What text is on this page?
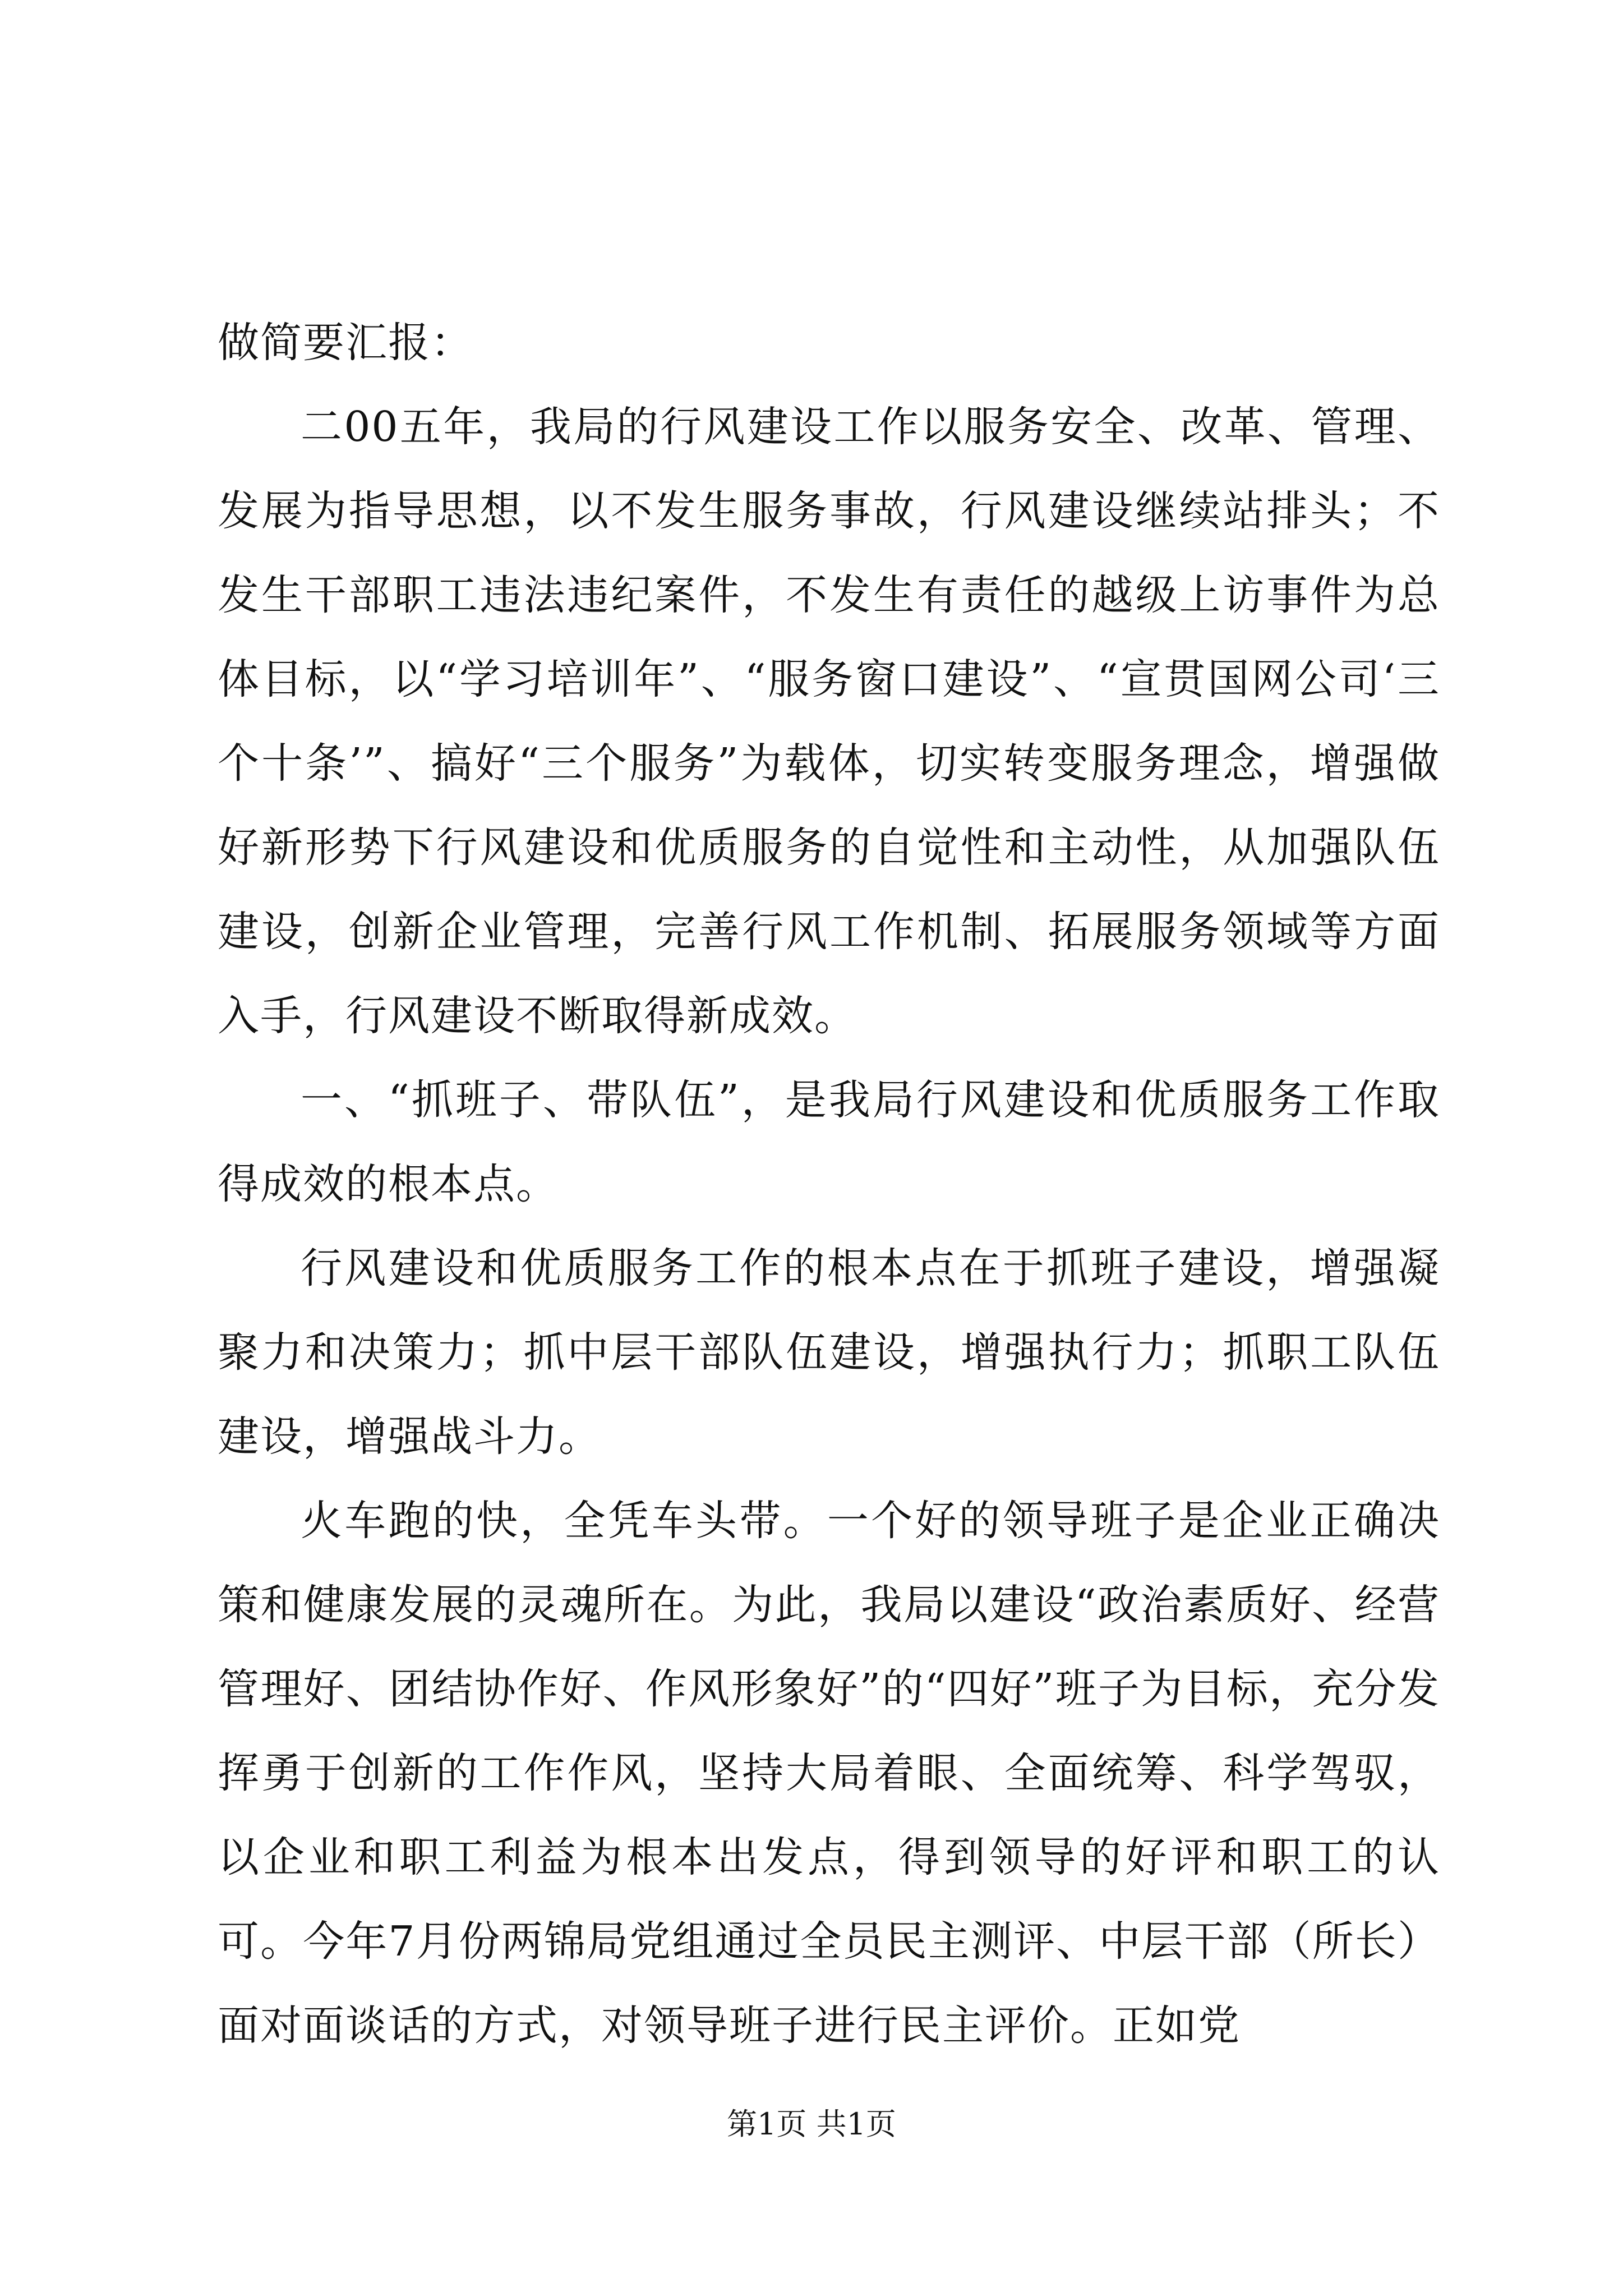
做简要汇报：

二00五年，我局的行风建设工作以服务安全、改革、管理、发展为指导思想，以不发生服务事故，行风建设继续站排头；不发生干部职工违法违纪案件，不发生有责任的越级上访事件为总体目标，以“学习培训年”、“服务窗口建设”、“宣贯国网公司‘三个十条’”、搞好“三个服务”为载体，切实转变服务理念，增强做好新形势下行风建设和优质服务的自觉性和主动性，从加强队伍建设，创新企业管理，完善行风工作机制、拓展服务领域等方面入手，行风建设不断取得新成效。

一、“抓班子、带队伍”，是我局行风建设和优质服务工作取得成效的根本点。

行风建设和优质服务工作的根本点在于抓班子建设，增强凝聚力和决策力；抓中层干部队伍建设，增强执行力；抓职工队伍建设，增强战斗力。

火车跑的快，全凭车头带。一个好的领导班子是企业正确决策和健康发展的灵魂所在。为此，我局以建设“政治素质好、经营管理好、团结协作好、作风形象好”的“四好”班子为目标，充分发挥勇于创新的工作作风，坚持大局着眼、全面统筹、科学驾驭，以企业和职工利益为根本出发点，得到领导的好评和职工的认可。今年7月份两锦局党组通过全员民主测评、中层干部（所长）面对面谈话的方式，对领导班子进行民主评价。正如党

第1页 共1页
